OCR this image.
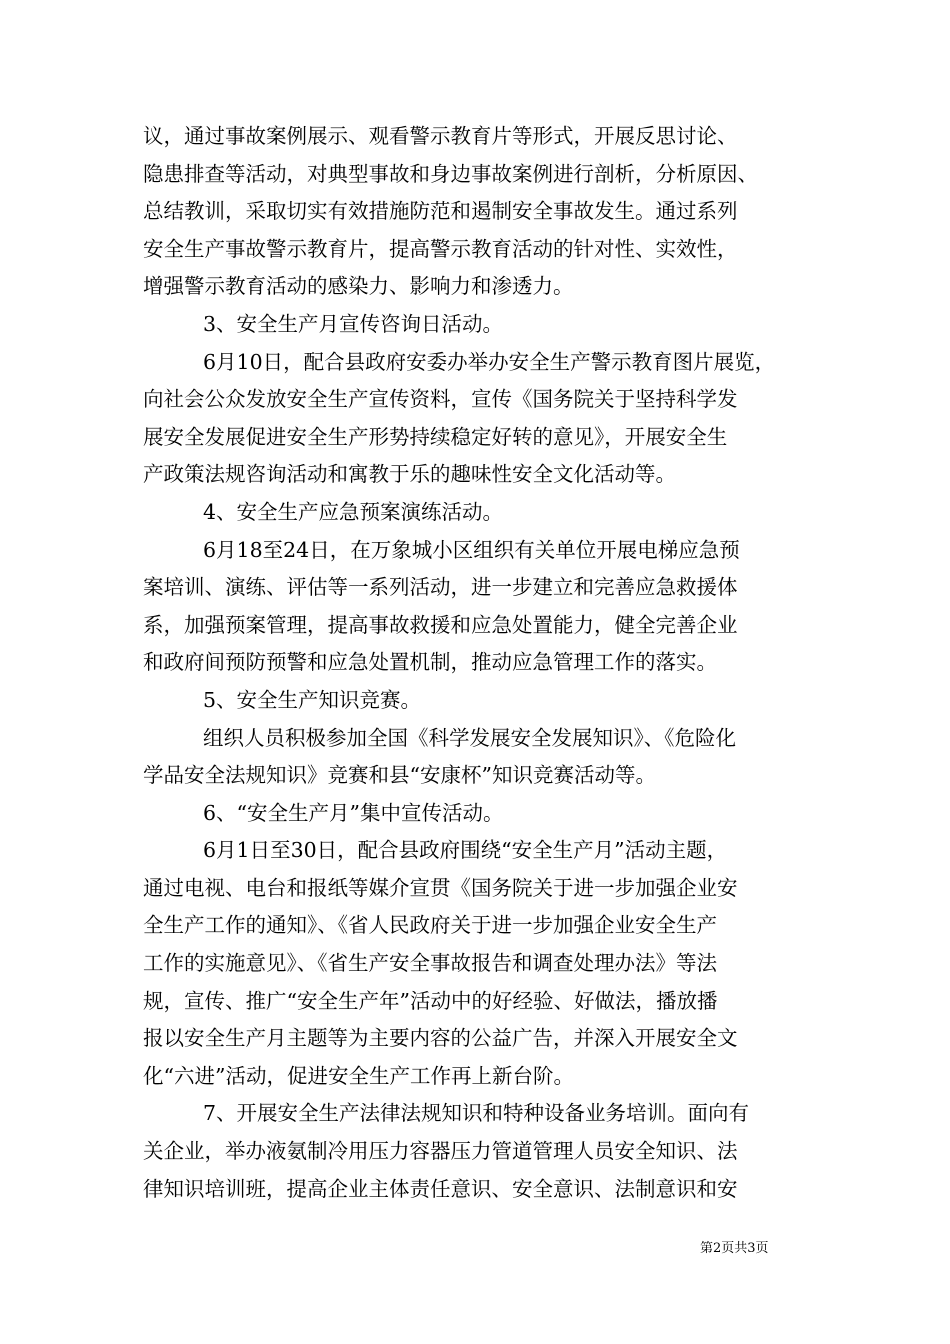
议，通过事故案例展示、观看警示教育片等形式，开展反思讨论、
隐患排查等活动，对典型事故和身边事故案例进行剖析，分析原因、
总结教训，采取切实有效措施防范和遏制安全事故发生。通过系列
安全生产事故警示教育片，提高警示教育活动的针对性、实效性，
增强警示教育活动的感染力、影响力和渗透力。
3、安全生产月宣传咨询日活动。
6月10日，配合县政府安委办举办安全生产警示教育图片展览，
向社会公众发放安全生产宣传资料，宣传《国务院关于坚持科学发
展安全发展促进安全生产形势持续稳定好转的意见》，开展安全生
产政策法规咨询活动和寓教于乐的趣味性安全文化活动等。
4、安全生产应急预案演练活动。
6月18至24日，在万象城小区组织有关单位开展电梯应急预
案培训、演练、评估等一系列活动，进一步建立和完善应急救援体
系，加强预案管理，提高事故救援和应急处置能力，健全完善企业
和政府间预防预警和应急处置机制，推动应急管理工作的落实。
5、安全生产知识竞赛。
组织人员积极参加全国《科学发展安全发展知识》、《危险化
学品安全法规知识》竞赛和县“安康杯”知识竞赛活动等。
6、“安全生产月”集中宣传活动。
6月1日至30日，配合县政府围绕“安全生产月”活动主题，
通过电视、电台和报纸等媒介宣贯《国务院关于进一步加强企业安
全生产工作的通知》、《省人民政府关于进一步加强企业安全生产
工作的实施意见》、《省生产安全事故报告和调查处理办法》等法
规，宣传、推广“安全生产年”活动中的好经验、好做法，播放播
报以安全生产月主题等为主要内容的公益广告，并深入开展安全文
化“六进”活动，促进安全生产工作再上新台阶。
7、开展安全生产法律法规知识和特种设备业务培训。面向有
关企业，举办液氨制冷用压力容器压力管道管理人员安全知识、法
律知识培训班，提高企业主体责任意识、安全意识、法制意识和安
第2页共3页
